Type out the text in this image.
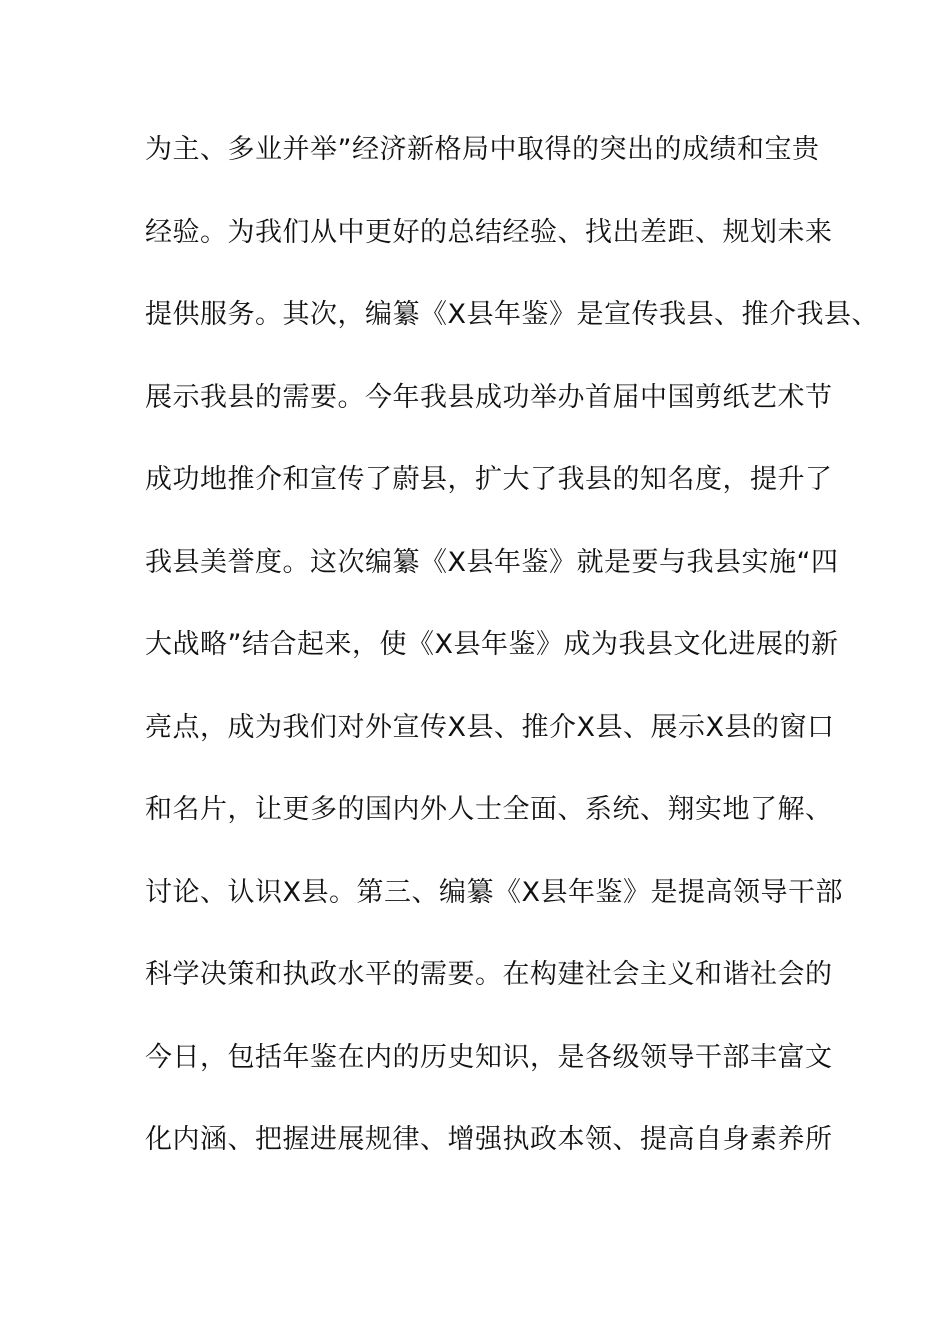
为主、多业并举”经济新格局中取得的突出的成绩和宝贵
经验。为我们从中更好的总结经验、找出差距、规划未来
提供服务。其次，编纂《X县年鉴》是宣传我县、推介我县、
展示我县的需要。今年我县成功举办首届中国剪纸艺术节
成功地推介和宣传了蔚县，扩大了我县的知名度，提升了
我县美誉度。这次编纂《X县年鉴》就是要与我县实施“四
大战略”结合起来，使《X县年鉴》成为我县文化进展的新
亮点，成为我们对外宣传X县、推介X县、展示X县的窗口
和名片，让更多的国内外人士全面、系统、翔实地了解、
讨论、认识X县。第三、编纂《X县年鉴》是提高领导干部
科学决策和执政水平的需要。在构建社会主义和谐社会的
今日，包括年鉴在内的历史知识，是各级领导干部丰富文
化内涵、把握进展规律、增强执政本领、提高自身素养所
